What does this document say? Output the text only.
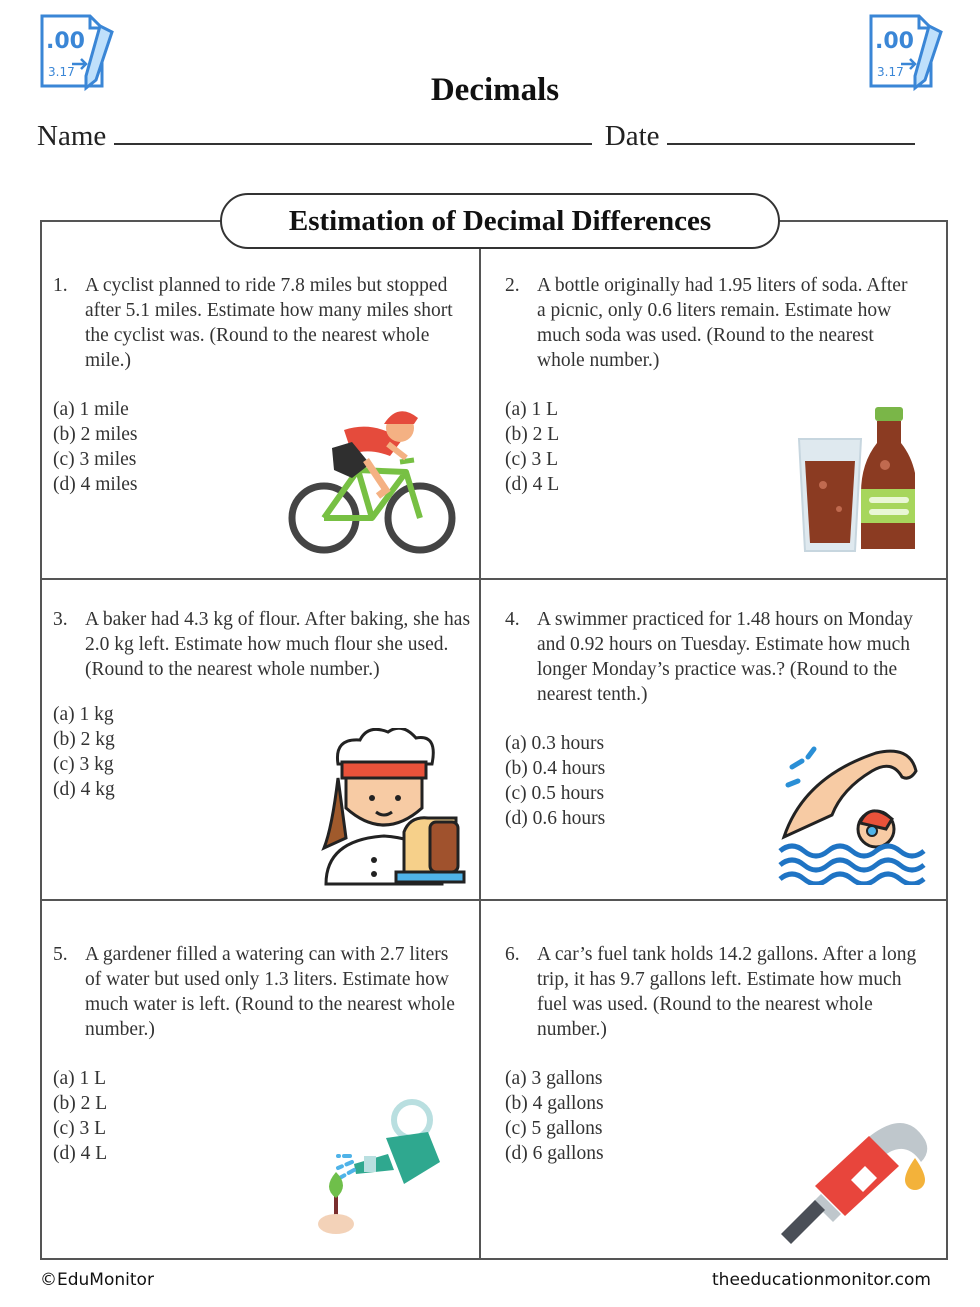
.00
3.17
.00
3.17
Decimals
Name	Date
Estimation of Decimal Differences
1. A cyclist planned to ride 7.8 miles but stopped
after 5.1 miles. Estimate how many miles short
the cyclist was. (Round to the nearest whole
mile.)
(a) 1 mile
(b) 2 miles
(c) 3 miles
(d) 4 miles
2. A bottle originally had 1.95 liters of soda. After
a picnic, only 0.6 liters remain. Estimate how
much soda was used. (Round to the nearest
whole number.)
(a) 1 L
(b) 2 L
(c) 3 L
(d) 4 L
3. A baker had 4.3 kg of flour. After baking, she has
2.0 kg left. Estimate how much flour she used.
(Round to the nearest whole number.)
(a) 1 kg
(b) 2 kg
(c) 3 kg
(d) 4 kg
4. A swimmer practiced for 1.48 hours on Monday
and 0.92 hours on Tuesday. Estimate how much
longer Monday’s practice was.? (Round to the
nearest tenth.)
(a) 0.3 hours
(b) 0.4 hours
(c) 0.5 hours
(d) 0.6 hours
5. A gardener filled a watering can with 2.7 liters
of water but used only 1.3 liters. Estimate how
much water is left. (Round to the nearest whole
number.)
(a) 1 L
(b) 2 L
(c) 3 L
(d) 4 L
6. A car’s fuel tank holds 14.2 gallons. After a long
trip, it has 9.7 gallons left. Estimate how much
fuel was used. (Round to the nearest whole
number.)
(a) 3 gallons
(b) 4 gallons
(c) 5 gallons
(d) 6 gallons
©EduMonitor	theeducationmonitor.com
